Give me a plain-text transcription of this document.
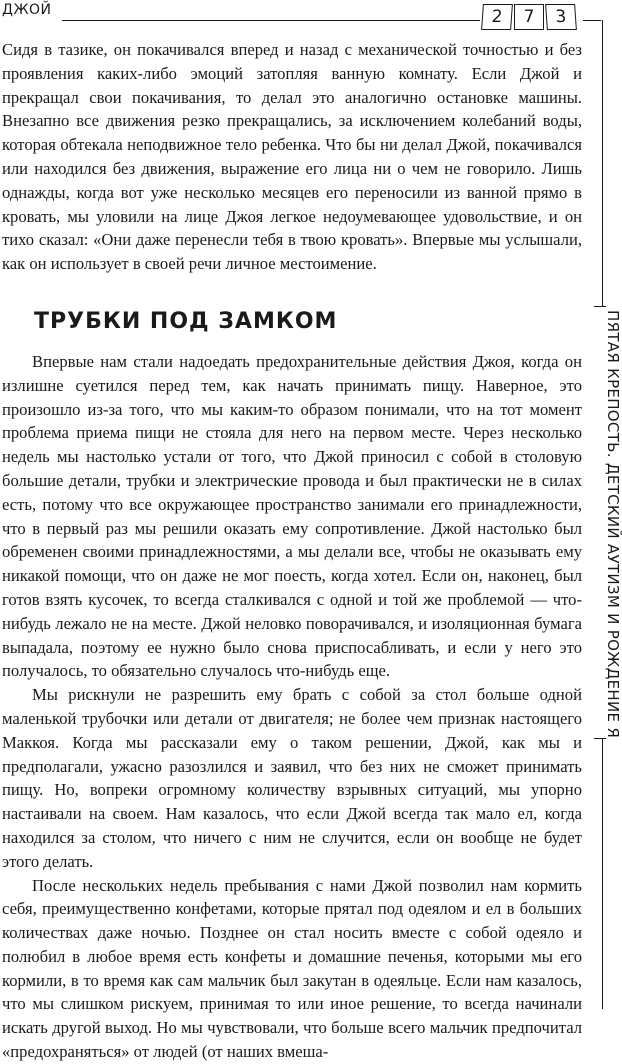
ДЖОЙ	2	7	3
ПЯТАЯ КРЕПОСТЬ. ДЕТСКИЙ АУТИЗМ И РОЖДЕНИЕ Я

Сидя в тазике, он покачивался вперед и назад с механической точностью и без проявления каких-либо эмоций затопляя ванную комнату. Если Джой и прекращал свои покачивания, то делал это аналогично остановке машины. Внезапно все движения резко прекращались, за исключением колебаний воды, которая обтекала неподвижное тело ребенка. Что бы ни делал Джой, покачивался или находился без движения, выражение его лица ни о чем не говорило. Лишь однажды, когда вот уже несколько месяцев его переносили из ванной прямо в кровать, мы уловили на лице Джоя легкое недоумевающее удовольствие, и он тихо сказал: «Они даже перенесли тебя в твою кровать». Впервые мы услышали, как он использует в своей речи личное местоимение.

ТРУБКИ ПОД ЗАМКОМ

Впервые нам стали надоедать предохранительные действия Джоя, когда он излишне суетился перед тем, как начать принимать пищу. Наверное, это произошло из-за того, что мы каким-то образом понимали, что на тот момент проблема приема пищи не стояла для него на первом месте. Через несколько недель мы настолько устали от того, что Джой приносил с собой в столовую большие детали, трубки и электрические провода и был практически не в силах есть, потому что все окружающее пространство занимали его принадлежности, что в первый раз мы решили оказать ему сопротивление. Джой настолько был обременен своими принадлежностями, а мы делали все, чтобы не оказывать ему никакой помощи, что он даже не мог поесть, когда хотел. Если он, наконец, был готов взять кусочек, то всегда сталкивался с одной и той же проблемой — что-нибудь лежало не на месте. Джой неловко поворачивался, и изоляционная бумага выпадала, поэтому ее нужно было снова приспосабливать, и если у него это получалось, то обязательно случалось что-нибудь еще.

Мы рискнули не разрешить ему брать с собой за стол больше одной маленькой трубочки или детали от двигателя; не более чем признак настоящего Маккоя. Когда мы рассказали ему о таком решении, Джой, как мы и предполагали, ужасно разозлился и заявил, что без них не сможет принимать пищу. Но, вопреки огромному количеству взрывных ситуаций, мы упорно настаивали на своем. Нам казалось, что если Джой всегда так мало ел, когда находился за столом, что ничего с ним не случится, если он вообще не будет этого делать.

После нескольких недель пребывания с нами Джой позволил нам кормить себя, преимущественно конфетами, которые прятал под одеялом и ел в больших количествах даже ночью. Позднее он стал носить вместе с собой одеяло и полюбил в любое время есть конфеты и домашние печенья, которыми мы его кормили, в то время как сам мальчик был закутан в одеяльце. Если нам казалось, что мы слишком рискуем, принимая то или иное решение, то всегда начинали искать другой выход. Но мы чувствовали, что больше всего мальчик предпочитал «предохраняться» от людей (от наших вмеша-
